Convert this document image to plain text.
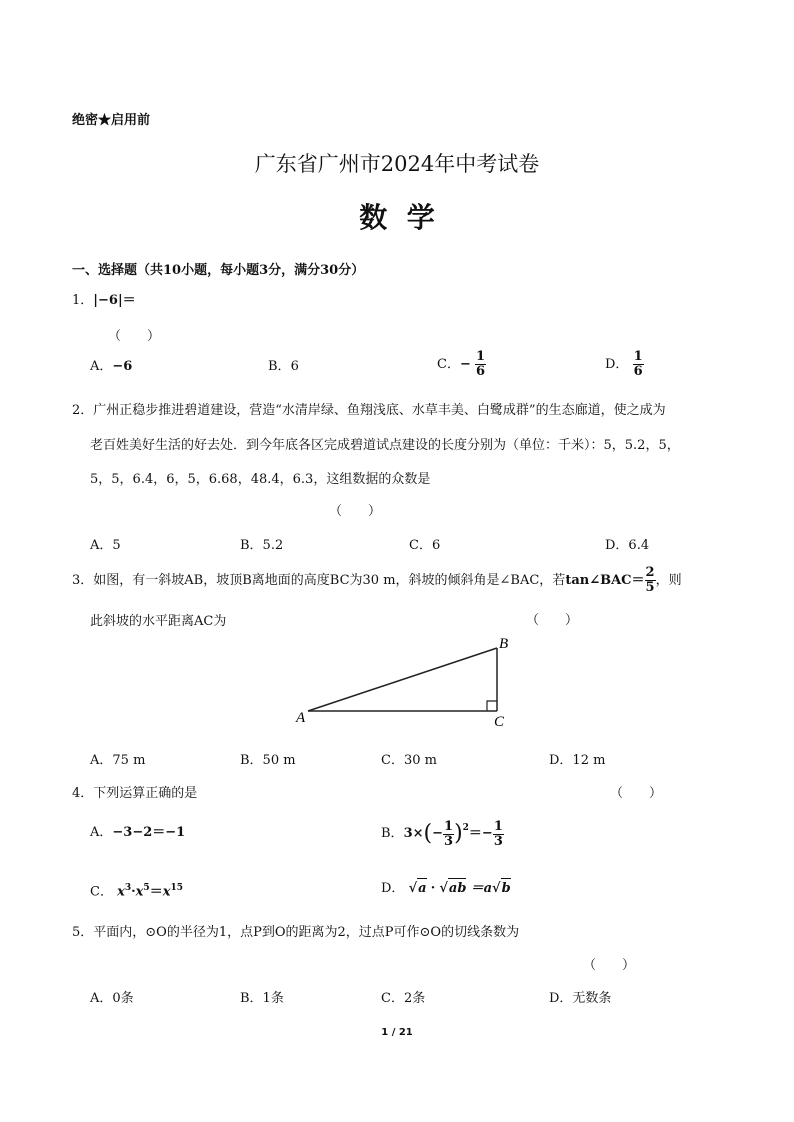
绝密★启用前
广东省广州市2024年中考试卷
数  学
一、选择题（共10小题，每小题3分，满分30分）
1．|−6|＝
（　　）
A．−6	B．6	C．− $\frac{1}{6}$	D． $\frac{1}{6}$
2．广州正稳步推进碧道建设，营造“水清岸绿、鱼翔浅底、水草丰美、白鹭成群”的生态廊道，使之成为
老百姓美好生活的好去处．到今年底各区完成碧道试点建设的长度分别为（单位：千米）：5，5.2，5，
5，5，6.4，6，5，6.68，48.4，6.3，这组数据的众数是
（　　）
A．5	B．5.2	C．6	D．6.4
3．如图，有一斜坡AB，坡顶B离地面的高度BC为30 m，斜坡的倾斜角是∠BAC，若tan∠BAC＝ $\frac{2}{5}$ ，则
此斜坡的水平距离AC为	（　　）
A
B
C
A．75 m	B．50 m	C．30 m	D．12 m
4．下列运算正确的是	（　　）
A．−3−2＝−1	B． 3× ( − $\frac{1}{3} )^2 =- \frac{1}{3}$
C． $x^3\cdot x^5=x^{15}$	D． √a · √ab ＝a√b
5．平面内，⊙O的半径为1，点P到O的距离为2，过点P可作⊙O的切线条数为
（　　）
A．0条	B．1条	C．2条	D．无数条
1 / 21
